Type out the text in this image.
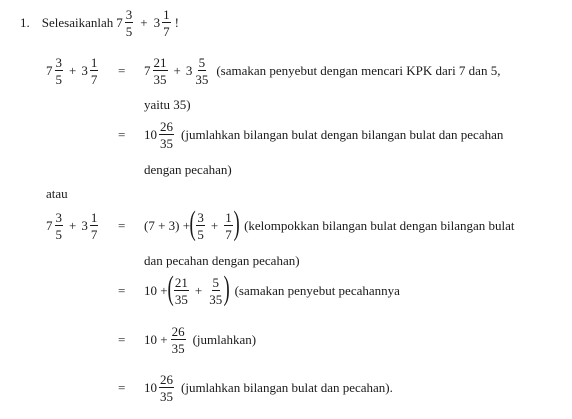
1. Selesaikanlah $7 \frac{3}{5} + 3 \frac{1}{7}$ !
$7 \frac{3}{5} + 3 \frac{1}{7}$ =	$7 \frac{21}{35} + 3 \frac{5}{35}$ (samakan penyebut dengan mencari KPK dari 7 dan 5,
yaitu 35)
=	$10 \frac{26}{35}$ (jumlahkan bilangan bulat dengan bilangan bulat dan pecahan
dengan pecahan)
atau
$7 \frac{3}{5} + 3 \frac{1}{7}$ =	(7 + 3) + ( $\frac{3}{5} + \frac{1}{7}$ ) (kelompokkan bilangan bulat dengan bilangan bulat
dan pecahan dengan pecahan)
=	10 + ( $\frac{21}{35} + \frac{5}{35}$ ) (samakan penyebut pecahannya
=	$10 + \frac{26}{35}$ (jumlahkan)
=	$10 \frac{26}{35}$ (jumlahkan bilangan bulat dan pecahan).
